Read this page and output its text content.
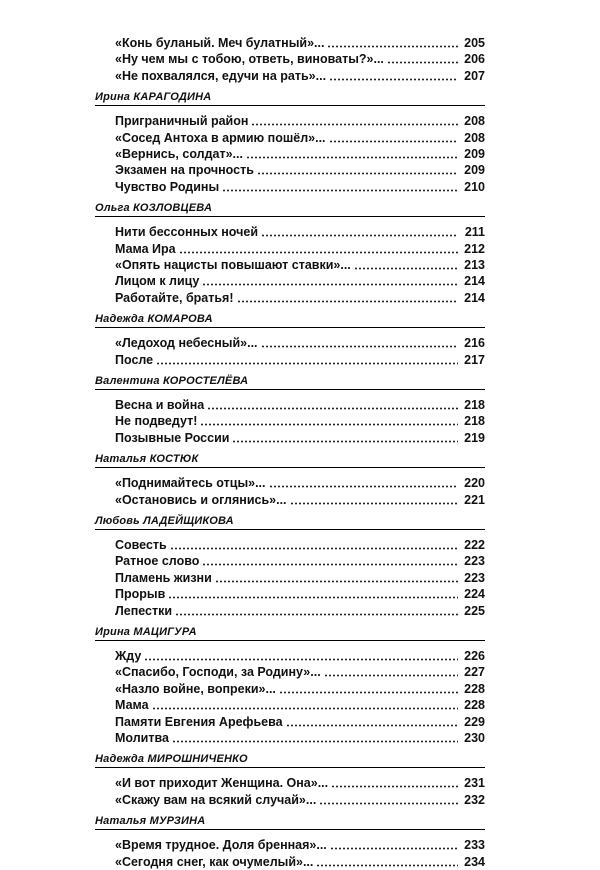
«Конь буланый. Меч булатный»...	205
«Ну чем мы с тобою, ответь, виноваты?»...	206
«Не похвалялся, едучи на рать»...	207
Ирина КАРАГОДИНА
Приграничный район	208
«Сосед Антоха в армию пошёл»...	208
«Вернись, солдат»...	209
Экзамен на прочность	209
Чувство Родины	210
Ольга КОЗЛОВЦЕВА
Нити бессонных ночей	211
Мама Ира	212
«Опять нацисты повышают ставки»...	213
Лицом к лицу	214
Работайте, братья!	214
Надежда КОМАРОВА
«Ледоход небесный»...	216
После	217
Валентина КОРОСТЕЛЁВА
Весна и война	218
Не подведут!	218
Позывные России	219
Наталья КОСТЮК
«Поднимайтесь отцы»...	220
«Остановись и оглянись»...	221
Любовь ЛАДЕЙЩИКОВА
Совесть	222
Ратное слово	223
Пламень жизни	223
Прорыв	224
Лепестки	225
Ирина МАЦИГУРА
Жду	226
«Спасибо, Господи, за Родину»...	227
«Назло войне, вопреки»...	228
Мама	228
Памяти Евгения Арефьева	229
Молитва	230
Надежда МИРОШНИЧЕНКО
«И вот приходит Женщина. Она»...	231
«Скажу вам на всякий случай»...	232
Наталья МУРЗИНА
«Время трудное. Доля бренная»...	233
«Сегодня снег, как очумелый»...	234
